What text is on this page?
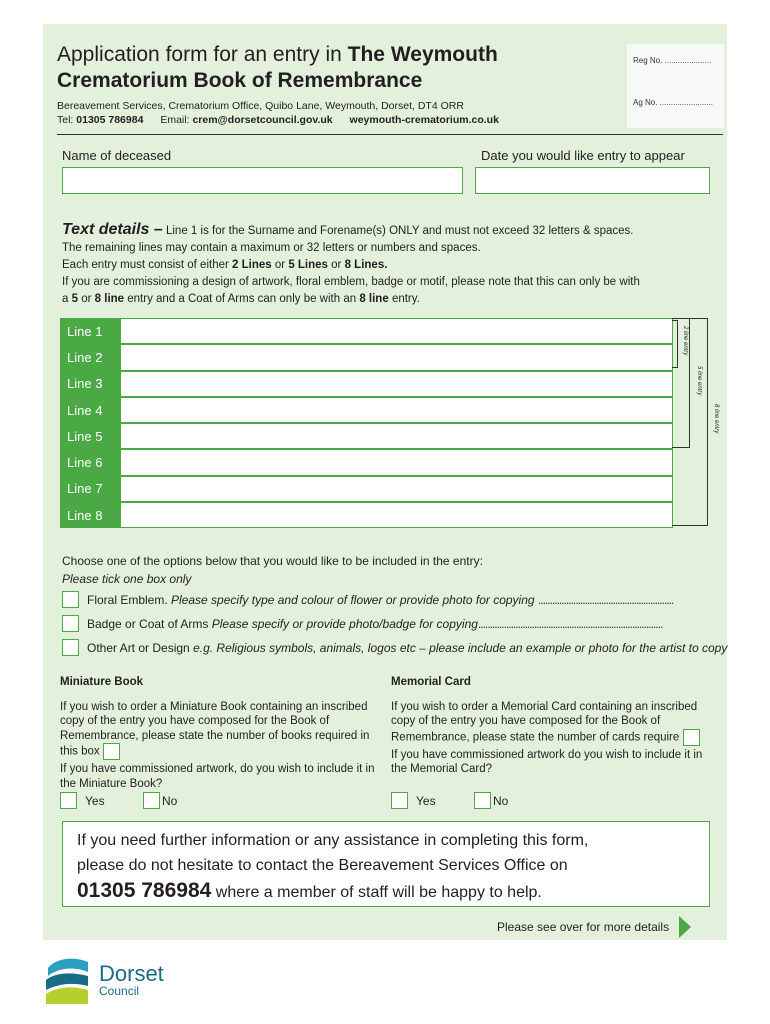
Application form for an entry in The Weymouth
Crematorium Book of Remembrance
Bereavement Services, Crematorium Office, Quibo Lane, Weymouth, Dorset, DT4 ORR
Tel: 01305 786984 Email: crem@dorsetcouncil.gov.uk weymouth-crematorium.co.uk
Reg No. .....................
Ag No. ........................
Name of deceased	Date you would like entry to appear
Text details – Line 1 is for the Surname and Forename(s) ONLY and must not exceed 32 letters & spaces.
The remaining lines may contain a maximum or 32 letters or numbers and spaces.
Each entry must consist of either 2 Lines or 5 Lines or 8 Lines.
If you are commissioning a design of artwork, floral emblem, badge or motif, please note that this can only be with
a 5 or 8 line entry and a Coat of Arms can only be with an 8 line entry.
Line 1
Line 2
Line 3
Line 4
Line 5
Line 6
Line 7
Line 8
2 line entry
5 line entry
8 line entry
Choose one of the options below that you would like to be included in the entry:
Please tick one box only
Floral Emblem.
Please specify type and colour of flower or provide photo for copying
..........................................................
Badge or Coat of Arms
Please specify or provide photo/badge for copying ...............................................................................
Other Art or Design
e.g. Religious symbols, animals, logos etc – please include an example or photo for the artist to copy
Miniature Book
If you wish to order a Miniature Book containing an inscribed copy of the entry you have composed for the Book of Remembrance, please state the number of books required in this box
If you have commissioned artwork, do you wish to include it in the Miniature Book?
Yes	No
Memorial Card
If you wish to order a Memorial Card containing an inscribed copy of the entry you have composed for the Book of Remembrance, please state the number of cards require
If you have commissioned artwork do you wish to include it in the Memorial Card?
Yes	No
If you need further information or any assistance in completing this form,
please do not hesitate to contact the Bereavement Services Office on
01305 786984 where a member of staff will be happy to help.
Please see over for more details
Dorset
Council
